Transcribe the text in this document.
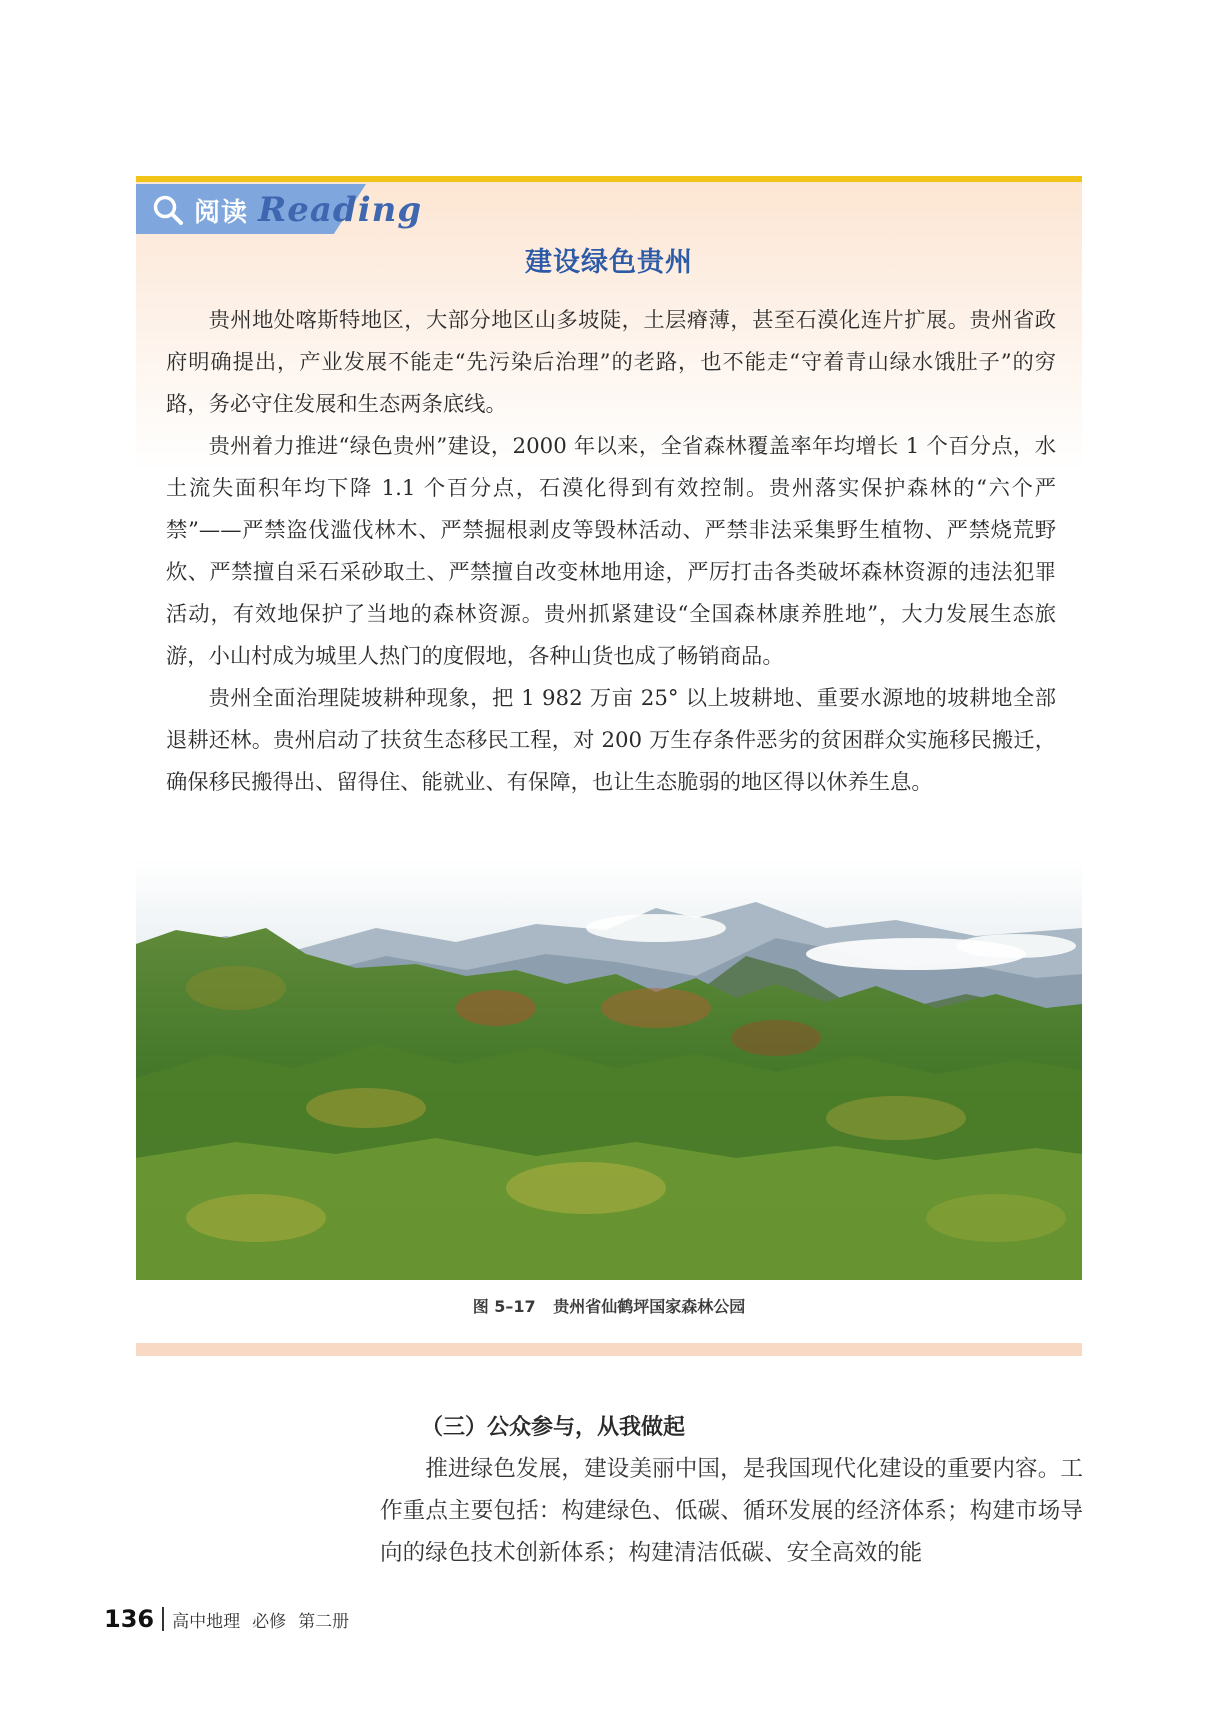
阅读 Reading
建设绿色贵州

贵州地处喀斯特地区，大部分地区山多坡陡，土层瘠薄，甚至石漠化连片扩展。贵州省政府明确提出，产业发展不能走“先污染后治理”的老路，也不能走“守着青山绿水饿肚子”的穷路，务必守住发展和生态两条底线。

贵州着力推进“绿色贵州”建设，2000 年以来，全省森林覆盖率年均增长 1 个百分点，水土流失面积年均下降 1.1 个百分点，石漠化得到有效控制。贵州落实保护森林的“六个严禁”——严禁盗伐滥伐林木、严禁掘根剥皮等毁林活动、严禁非法采集野生植物、严禁烧荒野炊、严禁擅自采石采砂取土、严禁擅自改变林地用途，严厉打击各类破坏森林资源的违法犯罪活动，有效地保护了当地的森林资源。贵州抓紧建设“全国森林康养胜地”，大力发展生态旅游，小山村成为城里人热门的度假地，各种山货也成了畅销商品。

贵州全面治理陡坡耕种现象，把 1 982 万亩 25° 以上坡耕地、重要水源地的坡耕地全部退耕还林。贵州启动了扶贫生态移民工程，对 200 万生存条件恶劣的贫困群众实施移民搬迁，确保移民搬得出、留得住、能就业、有保障，也让生态脆弱的地区得以休养生息。

图 5–17 贵州省仙鹤坪国家森林公园
（三）公众参与，从我做起

推进绿色发展，建设美丽中国，是我国现代化建设的重要内容。工作重点主要包括：构建绿色、低碳、循环发展的经济体系；构建市场导向的绿色技术创新体系；构建清洁低碳、安全高效的能

136 高中地理 必修 第二册
